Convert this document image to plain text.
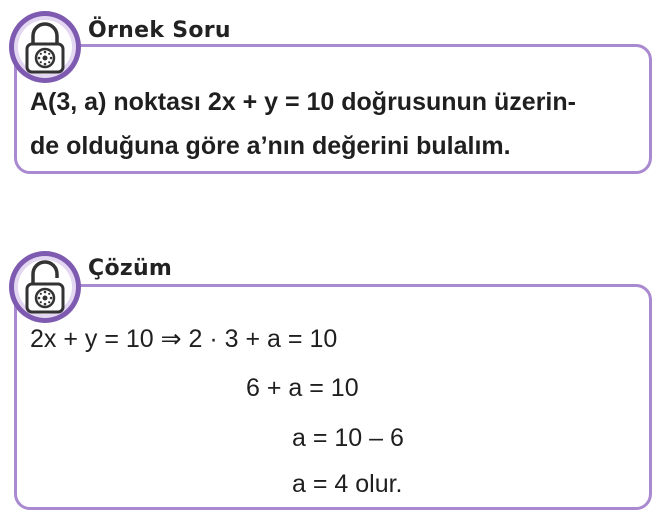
Örnek Soru
A(3, a) noktası 2x + y = 10 doğrusunun üzerin-
de olduğuna göre a’nın değerini bulalım.
Çözüm
2x + y = 10 ⇒ 2 · 3 + a = 10
6 + a = 10
a = 10 – 6
a = 4 olur.
